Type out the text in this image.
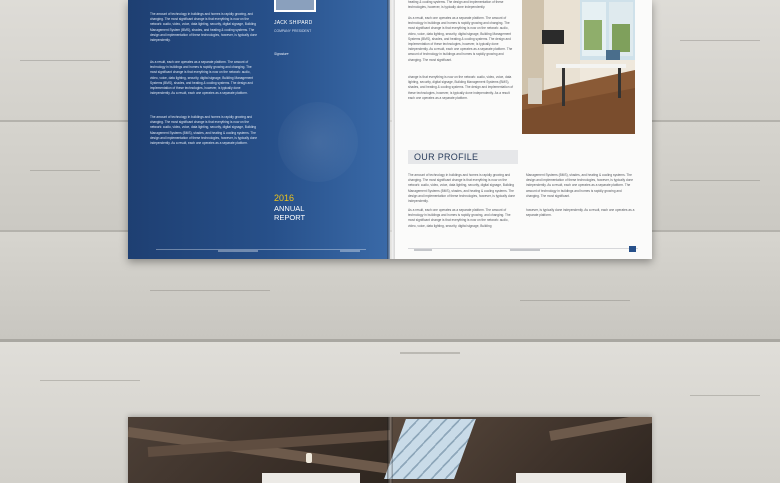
The amount of technology in buildings and homes is rapidly growing, and changing. The most significant change is that everything is now on the network: audio, video, voice, data lighting, security, digital signage, Building Management System (BMS), shades, and heating & cooling systems. The design and implementation of these technologies, however, is typically done independently.
As a result, each one operates as a separate platform. The amount of technology in buildings and homes is rapidly growing and changing. The most significant change is that everything is now on the network: audio, video, voice, data lighting, security, digital signage, Building Management Systems (BMS), shades, and heating & cooling systems. The design and implementation of these technologies, however, is typically done independently. As a result, each one operates as a separate platform.
The amount of technology in buildings and homes is rapidly growing and changing. The most significant change is that everything is now on the network: audio, video, voice, data lighting, security, digital signage, Building Management Systems (BMS), shades, and heating & cooling systems. The design and implementation of these technologies, however, is typically done independently. As a result, each one operates as a separate platform.
JACK SHIPARD
COMPANY PRESIDENT
Signature
2016
ANNUAL
REPORT
heating & cooling systems. The design and implementation of these technologies, however, is typically done independently.
As a result, each one operates as a separate platform. The amount of technology in buildings and homes is rapidly growing and changing. The most significant change is that everything is now on the network: audio, video, voice, data lighting, security, digital signage, Building Management Systems (BMS), shades, and heating & cooling systems. The design and implementation of these technologies, however, is typically done independently. As a result, each one operates as a separate platform. The amount of technology in buildings and homes is rapidly growing and changing. The most significant.
change is that everything is now on the network: audio, video, voice, data lighting, security, digital signage, Building Management Systems (BMS), shades, and heating & cooling systems. The design and implementation of these technologies, however, is typically done independently. As a result each one operates as a separate platform.
OUR PROFILE
The amount of technology in buildings and homes is rapidly growing and changing. The most significant change is that everything is now on the network: audio, video, voice, data lighting, security, digital signage, Building Management Systems (BMS), shades, and heating & cooling systems. The design and implementation of these technologies, however, is typically done independently.
As a result, each one operates as a separate platform. The amount of technology in buildings and homes is rapidly growing, and changing. The most significant change is that everything is now on the network: audio, video, voice, data lighting, security, digital signage, Building
Management Systems (BMS), shades, and heating & cooling systems. The design and implementation of these technologies, however, is typically done independently. As a result, each one operates as a separate platform. The amount of technology in buildings and homes is rapidly growing and changing. The most significant.
however, is typically done independently. As a result, each one operates as a separate platform.
